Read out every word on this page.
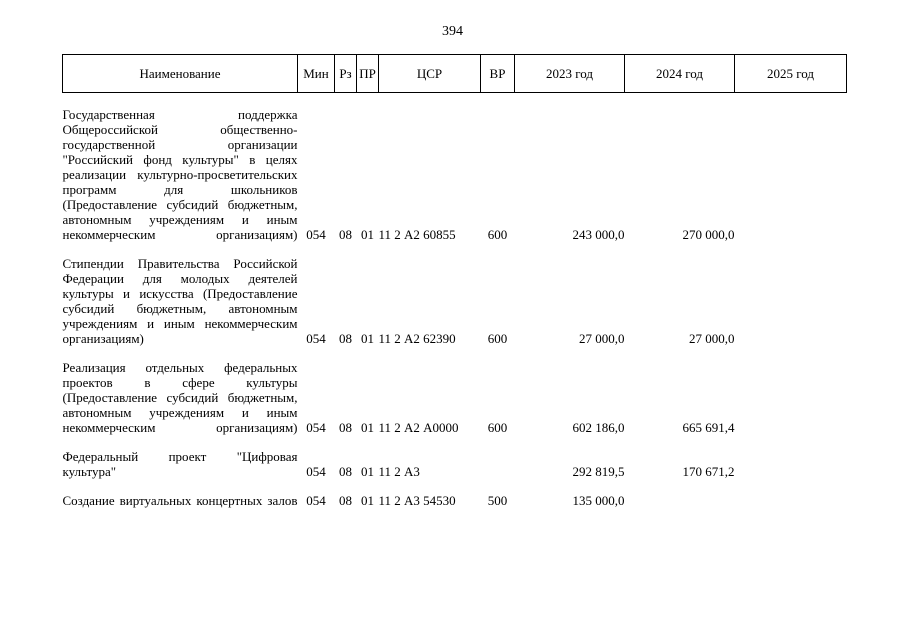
394
Наименование	Мин	Рз	ПР	ЦСР	ВР	2023 год	2024 год	2025 год

Государственная поддержка Общероссийской общественно-государственной организации "Российский фонд культуры" в целях реализации культурно-просветительских программ для школьников (Предоставление субсидий бюджетным, автономным учреждениям и иным некоммерческим организациям)	054	08	01	11 2 А2 60855	600	243 000,0	270 000,0	

Стипендии Правительства Российской Федерации для молодых деятелей культуры и искусства (Предоставление субсидий бюджетным, автономным учреждениям и иным некоммерческим организациям)	054	08	01	11 2 А2 62390	600	27 000,0	27 000,0	

Реализация отдельных федеральных проектов в сфере культуры (Предоставление субсидий бюджетным, автономным учреждениям и иным некоммерческим организациям)	054	08	01	11 2 А2 А0000	600	602 186,0	665 691,4	

Федеральный проект "Цифровая культура"	054	08	01	11 2 А3		292 819,5	170 671,2	

Создание виртуальных концертных залов	054	08	01	11 2 А3 54530	500	135 000,0		
